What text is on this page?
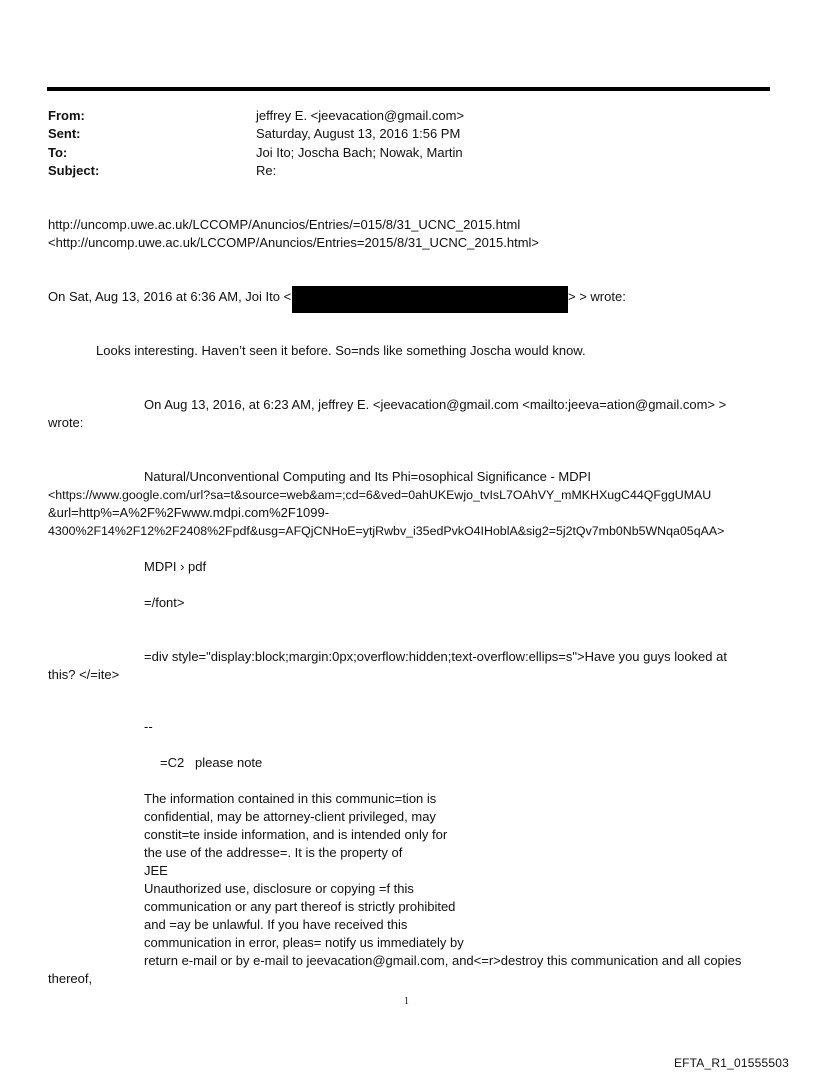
From:	jeffrey E. <jeevacation@gmail.com>
Sent:	Saturday, August 13, 2016 1:56 PM
To:	Joi Ito; Joscha Bach; Nowak, Martin
Subject:	Re:
http://uncomp.uwe.ac.uk/LCCOMP/Anuncios/Entries/=015/8/31_UCNC_2015.html
<http://uncomp.uwe.ac.uk/LCCOMP/Anuncios/Entries=2015/8/31_UCNC_2015.html>
On Sat, Aug 13, 2016 at 6:36 AM, Joi Ito <	> > wrote:
Looks interesting. Haven’t seen it before. So=nds like something Joscha would know.
On Aug 13, 2016, at 6:23 AM, jeffrey E. <jeevacation@gmail.com <mailto:jeeva=ation@gmail.com> >
wrote:
Natural/Unconventional Computing and Its Phi=osophical Significance - MDPI
<https://www.google.com/url?sa=t&source=web&am=;cd=6&ved=0ahUKEwjo_tvIsL7OAhVY_mMKHXugC44QFggUMAU
&url=http%=A%2F%2Fwww.mdpi.com%2F1099-
4300%2F14%2F12%2F2408%2Fpdf&usg=AFQjCNHoE=ytjRwbv_i35edPvkO4IHoblA&sig2=5j2tQv7mb0Nb5WNqa05qAA>
MDPI › pdf
=/font>
=div style="display:block;margin:0px;overflow:hidden;text-overflow:ellips=s">Have you guys looked at
this? </=ite>
--
=C2   please note
The information contained in this communic=tion is
confidential, may be attorney-client privileged, may
constit=te inside information, and is intended only for
the use of the addresse=. It is the property of
JEE
Unauthorized use, disclosure or copying =f this
communication or any part thereof is strictly prohibited
and =ay be unlawful. If you have received this
communication in error, pleas= notify us immediately by
return e-mail or by e-mail to jeevacation@gmail.com, and<=r>destroy this communication and all copies
thereof,
1
EFTA_R1_01555503
